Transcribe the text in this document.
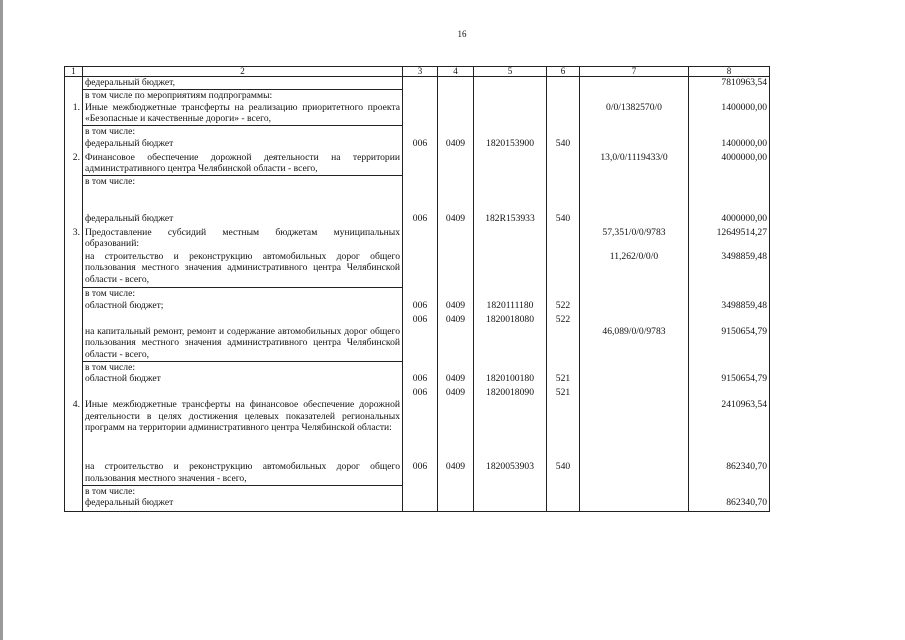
16
1	2	3	4	5	6	7	8
	федеральный бюджет,						7810963,54
	в том числе по мероприятиям подпрограммы:						
1.	Иные межбюджетные трансферты на реализацию приоритетного проекта «Безопасные и качественные дороги» - всего,					0/0/1382570/0	1400000,00
	в том числе:						
	федеральный бюджет	006	0409	1820153900	540		1400000,00
2.	Финансовое обеспечение дорожной деятельности на территории административного центра Челябинской области - всего,					13,0/0/1119433/0	4000000,00
	в том числе:						
	федеральный бюджет	006	0409	182R153933	540		4000000,00
3.	Предоставление субсидий местным бюджетам муниципальных образований:					57,351/0/0/9783	12649514,27
	на строительство и реконструкцию автомобильных дорог общего пользования местного значения административного центра Челябинской области - всего,					11,262/0/0/0	3498859,48
	в том числе:						
	областной бюджет;	006	0409	1820111180	522		3498859,48
		006	0409	1820018080	522		
	на капитальный ремонт, ремонт и содержание автомобильных дорог общего пользования местного значения административного центра Челябинской области - всего,					46,089/0/0/9783	9150654,79
	в том числе:						
	областной бюджет	006	0409	1820100180	521		9150654,79
		006	0409	1820018090	521		
4.	Иные межбюджетные трансферты на финансовое обеспечение дорожной деятельности в целях достижения целевых показателей региональных программ на территории административного центра Челябинской области:						2410963,54
	на строительство и реконструкцию автомобильных дорог общего пользования местного значения - всего,	006	0409	1820053903	540		862340,70
	в том числе:						
	федеральный бюджет						862340,70
